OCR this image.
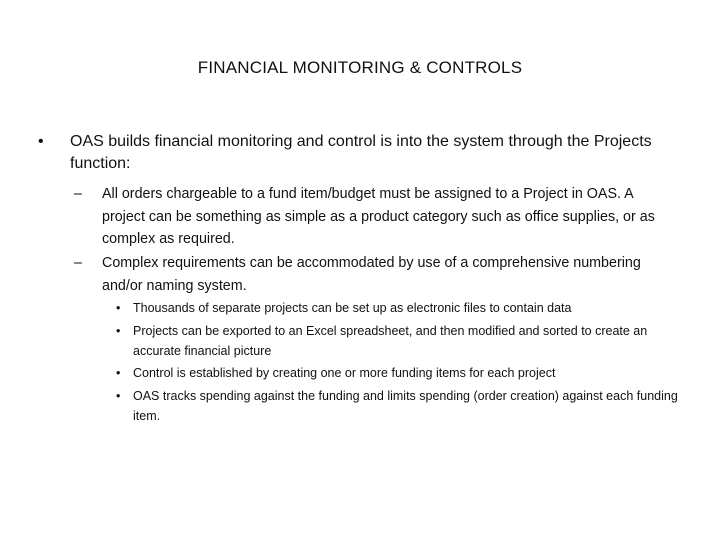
FINANCIAL MONITORING & CONTROLS
• OAS builds financial monitoring and control is into the system through the Projects function:
– All orders chargeable to a fund item/budget must be assigned to a Project in OAS. A project can be something as simple as a product category such as office supplies, or as complex as required.
– Complex requirements can be accommodated by use of a comprehensive numbering and/or naming system.
• Thousands of separate projects can be set up as electronic files to contain data
• Projects can be exported to an Excel spreadsheet, and then modified and sorted to create an accurate financial picture
• Control is established by creating one or more funding items for each project
• OAS tracks spending against the funding and limits spending (order creation) against each funding item.
